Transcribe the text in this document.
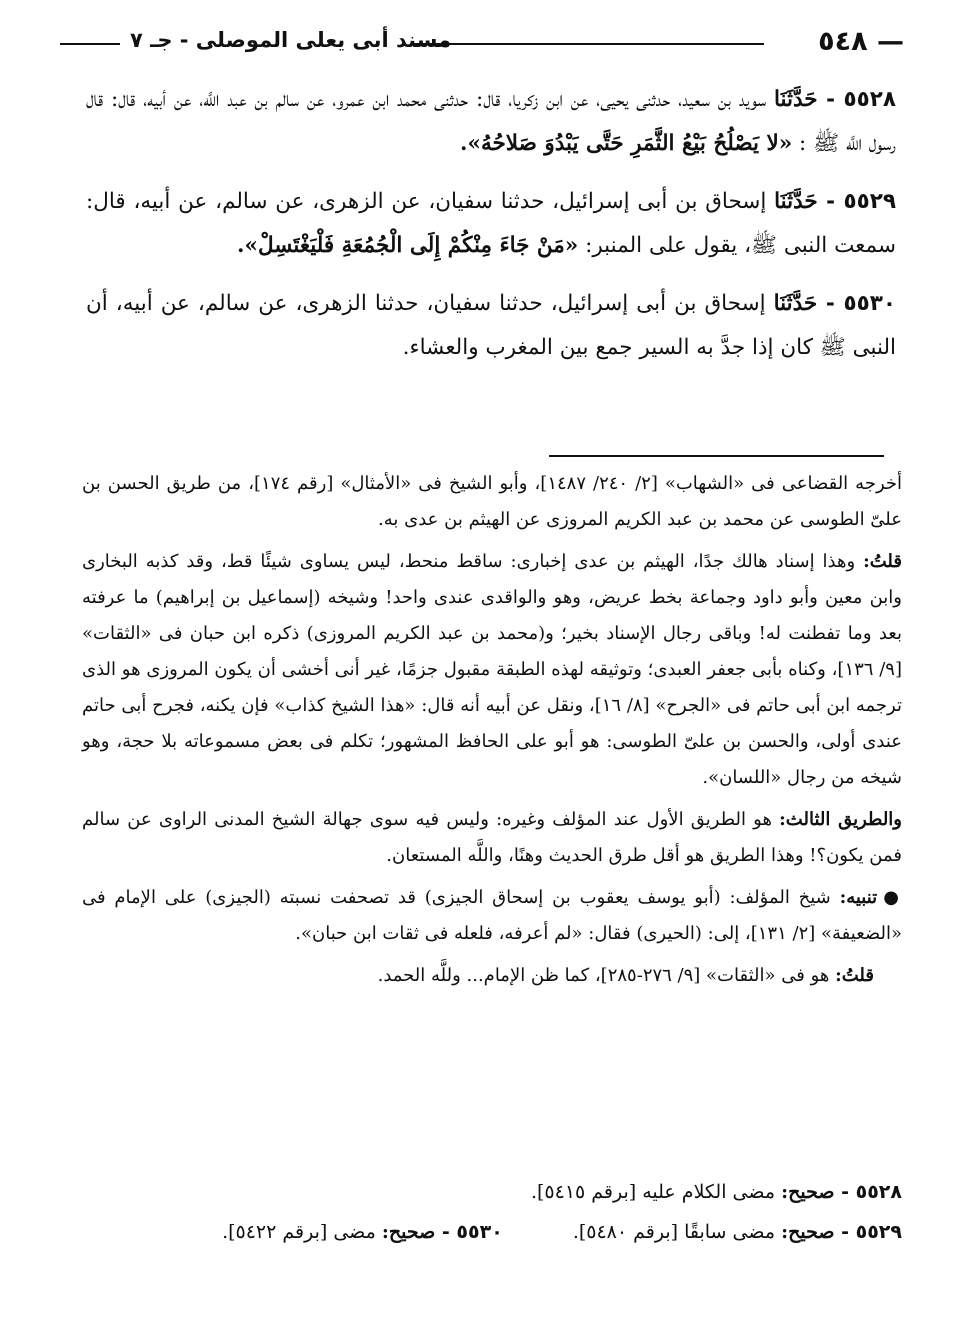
— ٥٤٨
مسند أبى يعلى الموصلى - جـ ٧

٥٥٢٨ - حَدَّثَنَا سويد بن سعيد، حدثنى يحيى، عن ابن زكريا، قال: حدثنى محمد ابن عمرو، عن سالم بن عبد اللَّه، عن أبيه، قال: قال رسول اللَّه ﷺ : «لا يَصْلُحُ بَيْعُ الثَّمَرِ حَتَّى يَبْدُوَ صَلاحُهُ».

٥٥٢٩ - حَدَّثَنَا إسحاق بن أبى إسرائيل، حدثنا سفيان، عن الزهرى، عن سالم، عن أبيه، قال: سمعت النبى ﷺ، يقول على المنبر: «مَنْ جَاءَ مِنْكُمْ إِلَى الْجُمُعَةِ فَلْيَغْتَسِلْ».

٥٥٣٠ - حَدَّثَنَا إسحاق بن أبى إسرائيل، حدثنا سفيان، حدثنا الزهرى، عن سالم، عن أبيه، أن النبى ﷺ كان إذا جدَّ به السير جمع بين المغرب والعشاء.

أخرجه القضاعى فى «الشهاب» [٢/ ٢٤٠/ ١٤٨٧]، وأبو الشيخ فى «الأمثال» [رقم ١٧٤]، من طريق الحسن بن علىّ الطوسى عن محمد بن عبد الكريم المروزى عن الهيثم بن عدى به.

قلتُ: وهذا إسناد هالك جدًا، الهيثم بن عدى إخبارى: ساقط منحط، ليس يساوى شيئًا قط، وقد كذبه البخارى وابن معين وأبو داود وجماعة بخط عريض، وهو والواقدى عندى واحد! وشيخه (إسماعيل بن إبراهيم) ما عرفته بعد وما تفطنت له! وباقى رجال الإسناد بخير؛ و(محمد بن عبد الكريم المروزى) ذكره ابن حبان فى «الثقات» [٩/ ١٣٦]، وكناه بأبى جعفر العبدى؛ وتوثيقه لهذه الطبقة مقبول جزمًا، غير أنى أخشى أن يكون المروزى هو الذى ترجمه ابن أبى حاتم فى «الجرح» [٨/ ١٦]، ونقل عن أبيه أنه قال: «هذا الشيخ كذاب» فإن يكنه، فجرح أبى حاتم عندى أولى، والحسن بن علىّ الطوسى: هو أبو على الحافظ المشهور؛ تكلم فى بعض مسموعاته بلا حجة، وهو شيخه من رجال «اللسان».

والطريق الثالث: هو الطريق الأول عند المؤلف وغيره: وليس فيه سوى جهالة الشيخ المدنى الراوى عن سالم فمن يكون؟! وهذا الطريق هو أقل طرق الحديث وهنًا، واللَّه المستعان.

●تنبيه: شيخ المؤلف: (أبو يوسف يعقوب بن إسحاق الجيزى) قد تصحفت نسبته (الجيزى) على الإمام فى «الضعيفة» [٢/ ١٣١]، إلى: (الحيرى) فقال: «لم أعرفه، فلعله فى ثقات ابن حبان».

قلتُ: هو فى «الثقات» [٩/ ٢٧٦-٢٨٥]، كما ظن الإمام... وللَّه الحمد.

٥٥٢٨ - صحيح: مضى الكلام عليه [برقم ٥٤١٥].

٥٥٢٩ - صحيح: مضى سابقًا [برقم ٥٤٨٠].

٥٥٣٠ - صحيح: مضى [برقم ٥٤٢٢].
